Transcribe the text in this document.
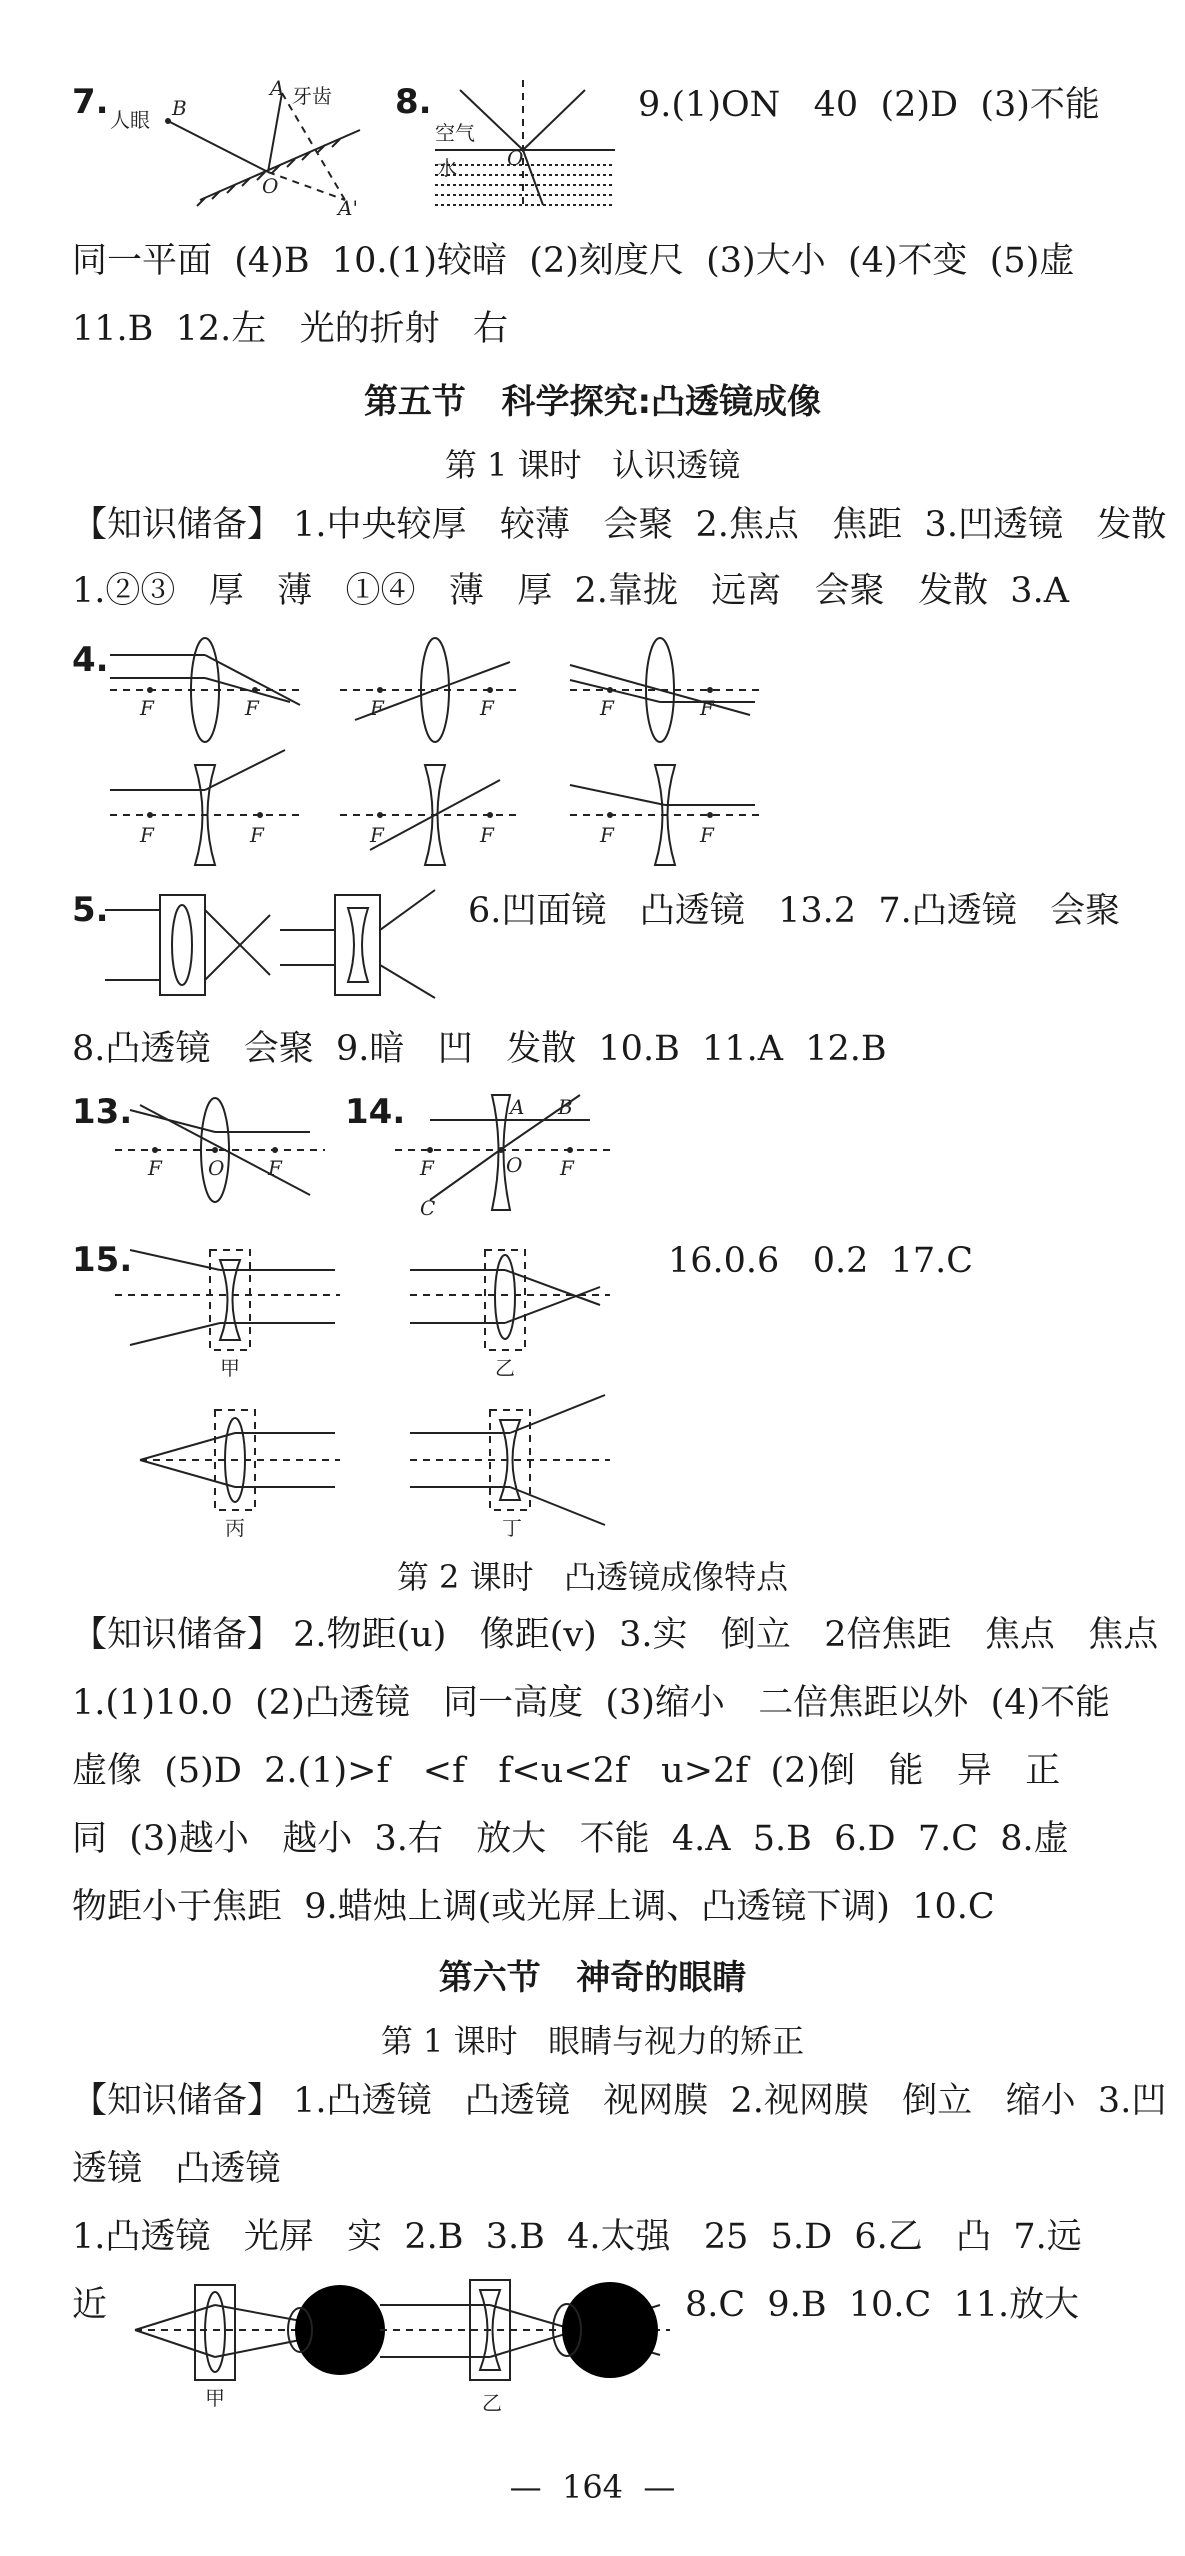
7. 人眼 B
A 牙齿
O
A'
8.
空气
水	O
9.(1)ON   40  (2)D  (3)不能
同一平面  (4)B  10.(1)较暗  (2)刻度尺  (3)大小  (4)不变  (5)虚
11.B  12.左   光的折射   右
第五节   科学探究:凸透镜成像
第 1 课时   认识透镜
【知识储备】 1.中央较厚   较薄   会聚  2.焦点   焦距  3.凹透镜   发散
1.②③   厚   薄   ①④   薄   厚  2.靠拢   远离   会聚   发散  3.A
4.
F	F	F	F	F	F
F	F	F	F	F	F
5.	6.凹面镜   凸透镜   13.2  7.凸透镜   会聚
8.凸透镜   会聚  9.暗   凹   发散  10.B  11.A  12.B
13.
F O F
14.	A B
F	O F
C
15.
甲	乙
丙	丁
16.0.6   0.2  17.C
第 2 课时   凸透镜成像特点
【知识储备】 2.物距(u)   像距(v)  3.实   倒立   2倍焦距   焦点   焦点
1.(1)10.0  (2)凸透镜   同一高度  (3)缩小   二倍焦距以外  (4)不能
虚像  (5)D  2.(1)>f   <f   f<u<2f   u>2f  (2)倒   能   异   正
同  (3)越小   越小  3.右   放大   不能  4.A  5.B  6.D  7.C  8.虚
物距小于焦距  9.蜡烛上调(或光屏上调、凸透镜下调)  10.C
第六节   神奇的眼睛
第 1 课时   眼睛与视力的矫正
【知识储备】 1.凸透镜   凸透镜   视网膜  2.视网膜   倒立   缩小  3.凹
透镜   凸透镜
1.凸透镜   光屏   实  2.B  3.B  4.太强   25  5.D  6.乙   凸  7.远
近
甲	乙
8.C  9.B  10.C  11.放大
—  164  —
